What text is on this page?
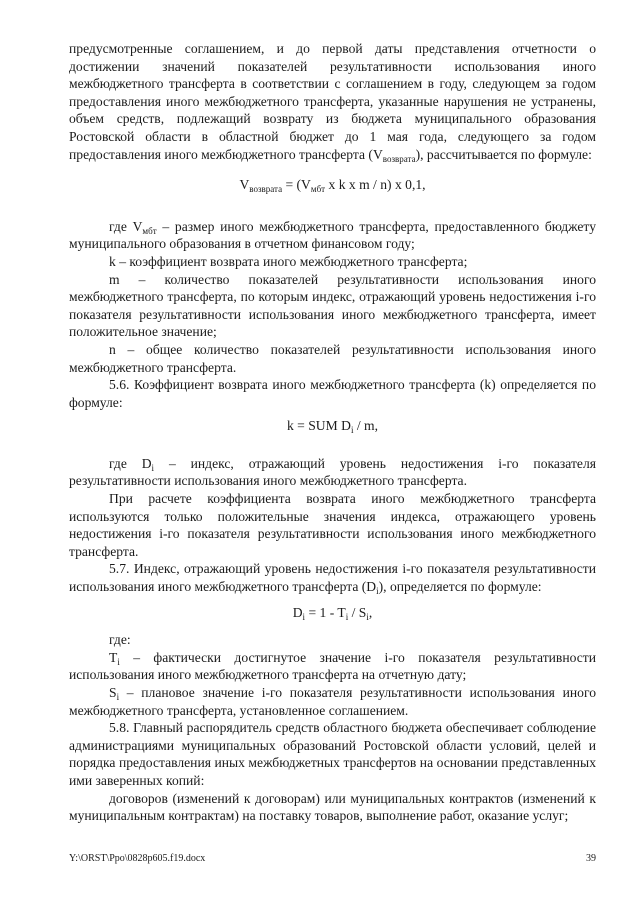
предусмотренные соглашением, и до первой даты представления отчетности о достижении значений показателей результативности использования иного межбюджетного трансферта в соответствии с соглашением в году, следующем за годом предоставления иного межбюджетного трансферта, указанные нарушения не устранены, объем средств, подлежащий возврату из бюджета муниципального образования Ростовской области в областной бюджет до 1 мая года, следующего за годом предоставления иного межбюджетного трансферта $(V_{возврата})$, рассчитывается по формуле:

$V_{возврата} = (V_{мбт}$ x k x m / n) x 0,1,

где $V_{мбт}$ – размер иного межбюджетного трансферта, предоставленного бюджету муниципального образования в отчетном финансовом году;

k – коэффициент возврата иного межбюджетного трансферта;

m – количество показателей результативности использования иного межбюджетного трансферта, по которым индекс, отражающий уровень недостижения i-го показателя результативности использования иного межбюджетного трансферта, имеет положительное значение;

n – общее количество показателей результативности использования иного межбюджетного трансферта.

5.6. Коэффициент возврата иного межбюджетного трансферта (k) определяется по формуле:

k = SUM $D_i$ / m,

где $D_i$ – индекс, отражающий уровень недостижения i-го показателя результативности использования иного межбюджетного трансферта.

При расчете коэффициента возврата иного межбюджетного трансферта используются только положительные значения индекса, отражающего уровень недостижения i-го показателя результативности использования иного межбюджетного трансферта.

5.7. Индекс, отражающий уровень недостижения i-го показателя результативности использования иного межбюджетного трансферта $(D_i)$, определяется по формуле:

$D_i = 1 - T_i / S_i$,

где:

$T_i$ – фактически достигнутое значение i-го показателя результативности использования иного межбюджетного трансферта на отчетную дату;

$S_i$ – плановое значение i-го показателя результативности использования иного межбюджетного трансферта, установленное соглашением.

5.8. Главный распорядитель средств областного бюджета обеспечивает соблюдение администрациями муниципальных образований Ростовской области условий, целей и порядка предоставления иных межбюджетных трансфертов на основании представленных ими заверенных копий:

договоров (изменений к договорам) или муниципальных контрактов (изменений к муниципальным контрактам) на поставку товаров, выполнение работ, оказание услуг;

Y:\ORST\Ppo\0828p605.f19.docx	39
